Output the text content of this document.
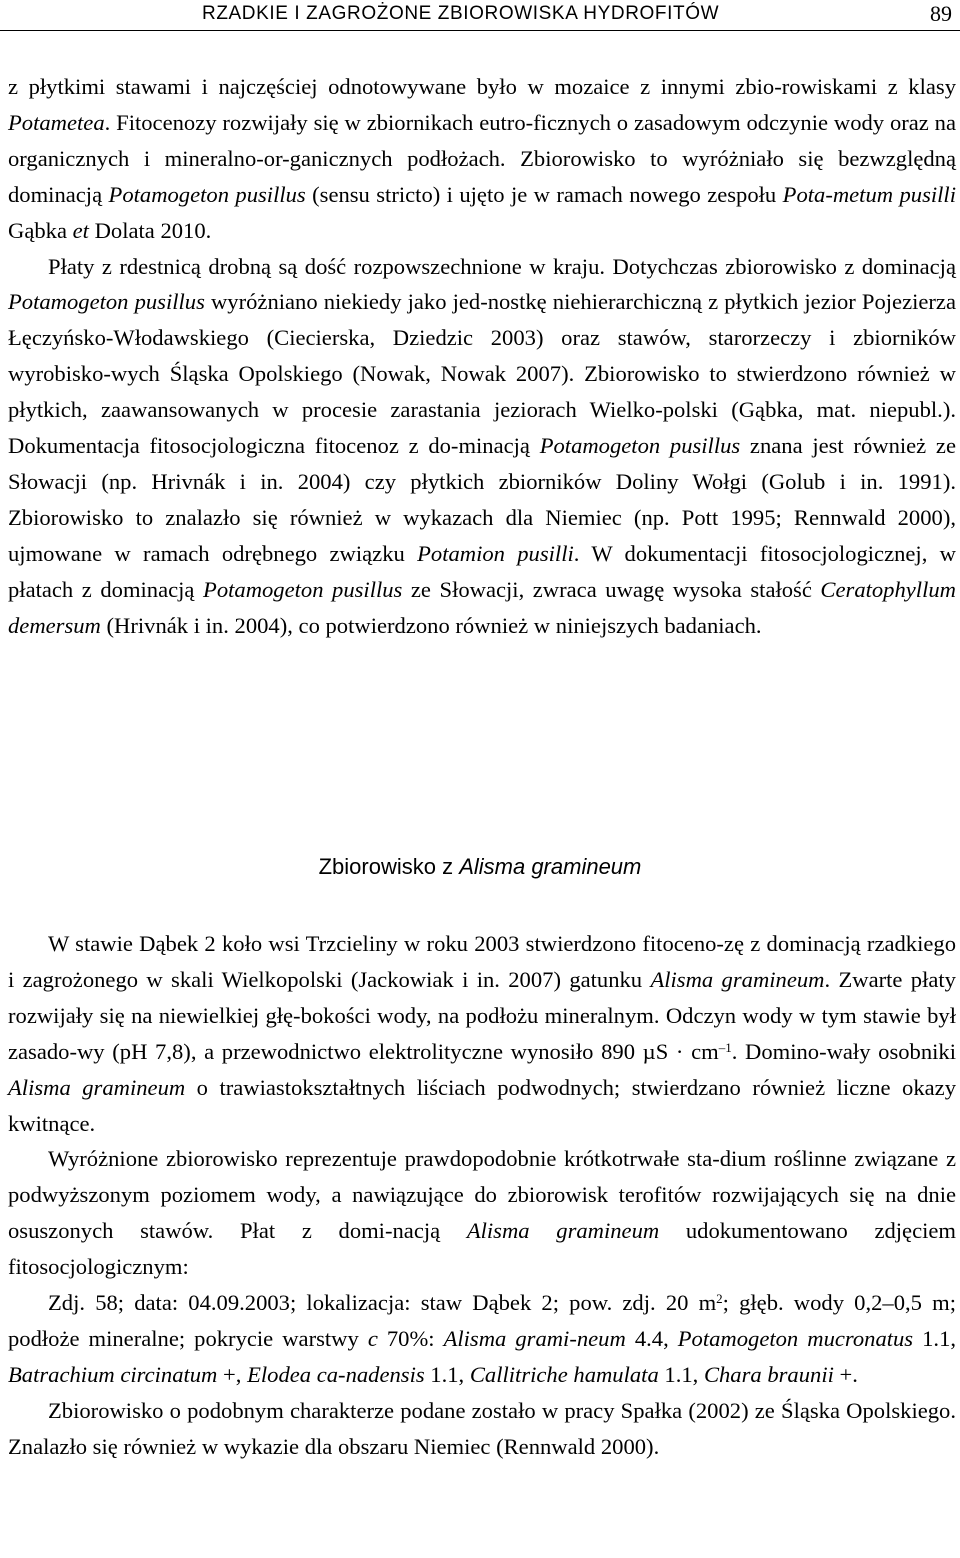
RZADKIE I ZAGROŻONE ZBIOROWISKA HYDROFITÓW	89

z płytkimi stawami i najczęściej odnotowywane było w mozaice z innymi zbio-rowiskami z klasy Potametea. Fitocenozy rozwijały się w zbiornikach eutro-ficznych o zasadowym odczynie wody oraz na organicznych i mineralno-or-ganicznych podłożach. Zbiorowisko to wyróżniało się bezwzględną dominacją Potamogeton pusillus (sensu stricto) i ujęto je w ramach nowego zespołu Pota-metum pusilli Gąbka et Dolata 2010.

Płaty z rdestnicą drobną są dość rozpowszechnione w kraju. Dotychczas zbiorowisko z dominacją Potamogeton pusillus wyróżniano niekiedy jako jed-nostkę niehierarchiczną z płytkich jezior Pojezierza Łęczyńsko-Włodawskiego (Ciecierska, Dziedzic 2003) oraz stawów, starorzeczy i zbiorników wyrobisko-wych Śląska Opolskiego (Nowak, Nowak 2007). Zbiorowisko to stwierdzono również w płytkich, zaawansowanych w procesie zarastania jeziorach Wielko-polski (Gąbka, mat. niepubl.). Dokumentacja fitosocjologiczna fitocenoz z do-minacją Potamogeton pusillus znana jest również ze Słowacji (np. Hrivnák i in. 2004) czy płytkich zbiorników Doliny Wołgi (Golub i in. 1991). Zbiorowisko to znalazło się również w wykazach dla Niemiec (np. Pott 1995; Rennwald 2000), ujmowane w ramach odrębnego związku Potamion pusilli. W dokumentacji fitosocjologicznej, w płatach z dominacją Potamogeton pusillus ze Słowacji, zwraca uwagę wysoka stałość Ceratophyllum demersum (Hrivnák i in. 2004), co potwierdzono również w niniejszych badaniach.

Zbiorowisko z Alisma gramineum

W stawie Dąbek 2 koło wsi Trzcieliny w roku 2003 stwierdzono fitoceno-zę z dominacją rzadkiego i zagrożonego w skali Wielkopolski (Jackowiak i in. 2007) gatunku Alisma gramineum. Zwarte płaty rozwijały się na niewielkiej głę-bokości wody, na podłożu mineralnym. Odczyn wody w tym stawie był zasado-wy (pH 7,8), a przewodnictwo elektrolityczne wynosiło 890 $\mu S \cdot cm^{-1}$. Domino-wały osobniki Alisma gramineum o trawiastokształtnych liściach podwodnych; stwierdzano również liczne okazy kwitnące.

Wyróżnione zbiorowisko reprezentuje prawdopodobnie krótkotrwałe sta-dium roślinne związane z podwyższonym poziomem wody, a nawiązujące do zbiorowisk terofitów rozwijających się na dnie osuszonych stawów. Płat z domi-nacją Alisma gramineum udokumentowano zdjęciem fitosocjologicznym:

Zdj. 58; data: 04.09.2003; lokalizacja: staw Dąbek 2; pow. zdj. 20 $m^2$; głęb. wody 0,2–0,5 m; podłoże mineralne; pokrycie warstwy c 70%: Alisma grami-neum 4.4, Potamogeton mucronatus 1.1, Batrachium circinatum +, Elodea ca-nadensis 1.1, Callitriche hamulata 1.1, Chara braunii +.

Zbiorowisko o podobnym charakterze podane zostało w pracy Spałka (2002) ze Śląska Opolskiego. Znalazło się również w wykazie dla obszaru Niemiec (Rennwald 2000).
